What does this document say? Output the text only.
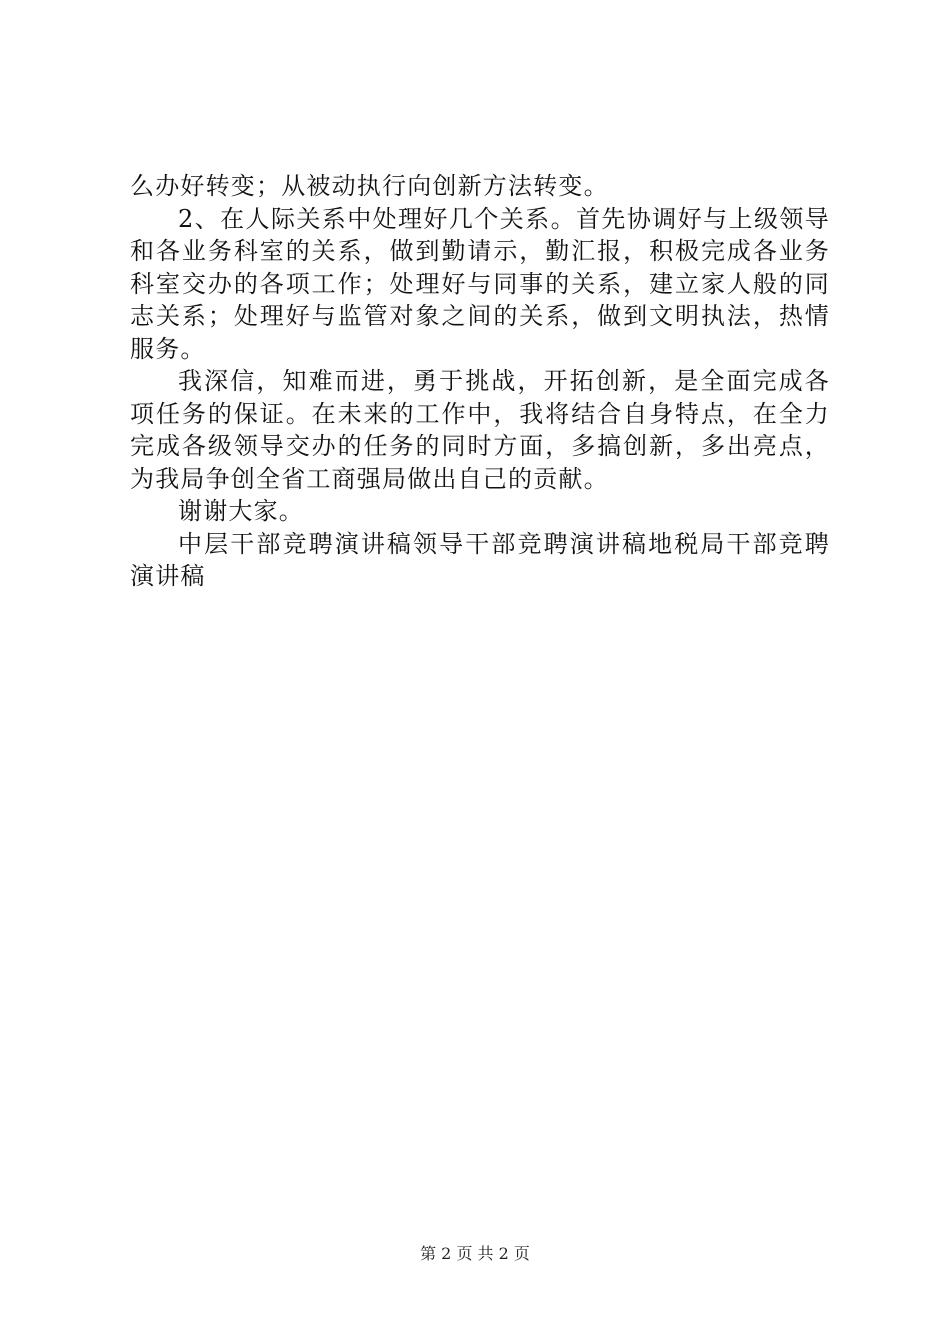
么办好转变；从被动执行向创新方法转变。

2、在人际关系中处理好几个关系。首先协调好与上级领导和各业务科室的关系，做到勤请示，勤汇报，积极完成各业务科室交办的各项工作；处理好与同事的关系，建立家人般的同志关系；处理好与监管对象之间的关系，做到文明执法，热情服务。

我深信，知难而进，勇于挑战，开拓创新，是全面完成各项任务的保证。在未来的工作中，我将结合自身特点，在全力完成各级领导交办的任务的同时方面，多搞创新，多出亮点，为我局争创全省工商强局做出自己的贡献。

谢谢大家。

中层干部竞聘演讲稿领导干部竞聘演讲稿地税局干部竞聘演讲稿

第 2 页 共 2 页
